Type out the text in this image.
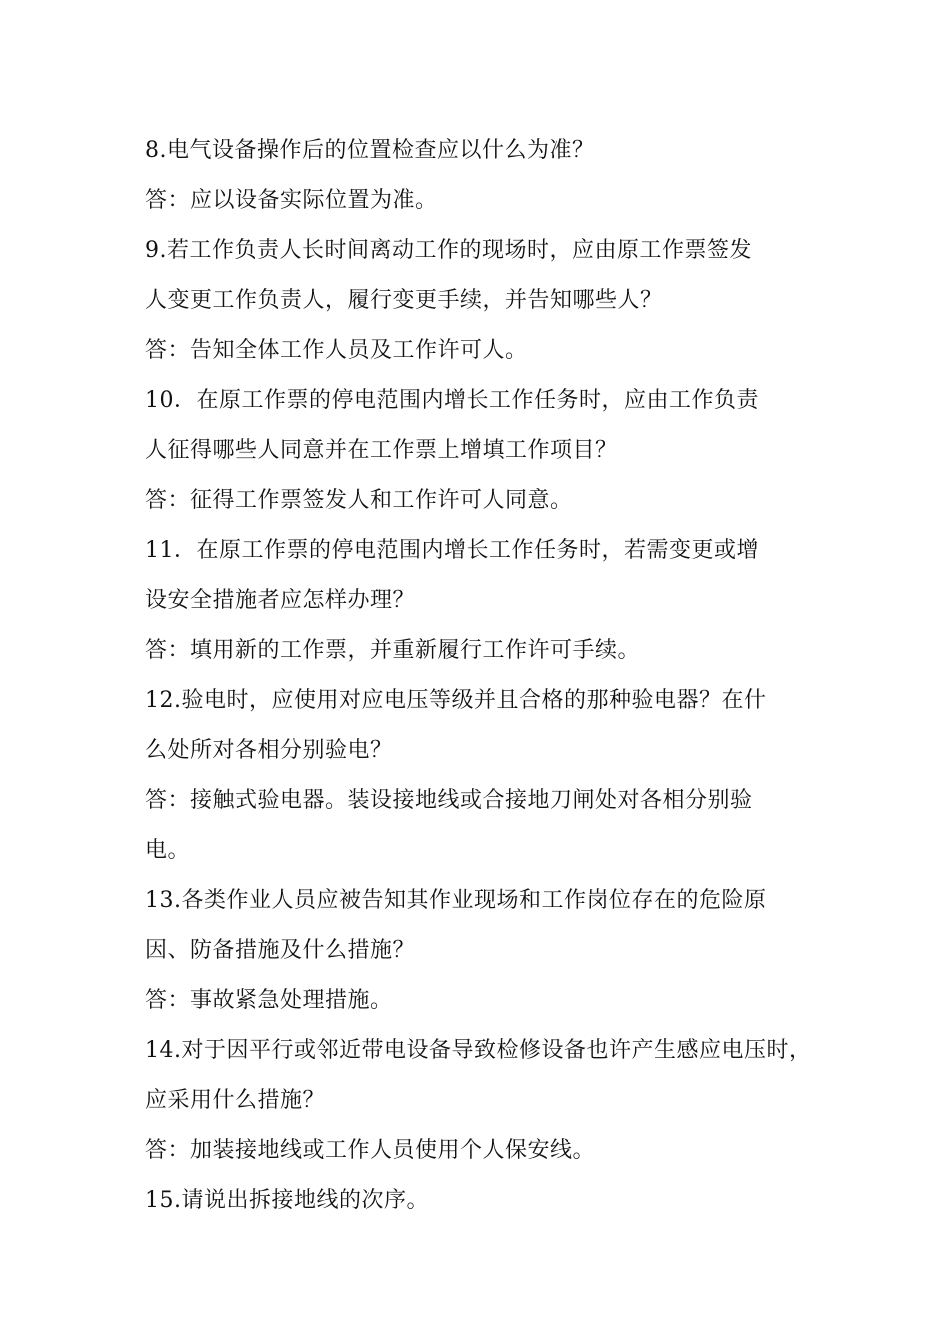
8.电气设备操作后的位置检查应以什么为准？
答：应以设备实际位置为准。
9.若工作负责人长时间离动工作的现场时，应由原工作票签发
人变更工作负责人，履行变更手续，并告知哪些人？
答：告知全体工作人员及工作许可人。
10．在原工作票的停电范围内增长工作任务时，应由工作负责
人征得哪些人同意并在工作票上增填工作项目？
答：征得工作票签发人和工作许可人同意。
11．在原工作票的停电范围内增长工作任务时，若需变更或增
设安全措施者应怎样办理？
答：填用新的工作票，并重新履行工作许可手续。
12.验电时，应使用对应电压等级并且合格的那种验电器？在什
么处所对各相分别验电？
答：接触式验电器。装设接地线或合接地刀闸处对各相分别验
电。
13.各类作业人员应被告知其作业现场和工作岗位存在的危险原
因、防备措施及什么措施？
答：事故紧急处理措施。
14.对于因平行或邻近带电设备导致检修设备也许产生感应电压时，
应采用什么措施？
答：加装接地线或工作人员使用个人保安线。
15.请说出拆接地线的次序。
